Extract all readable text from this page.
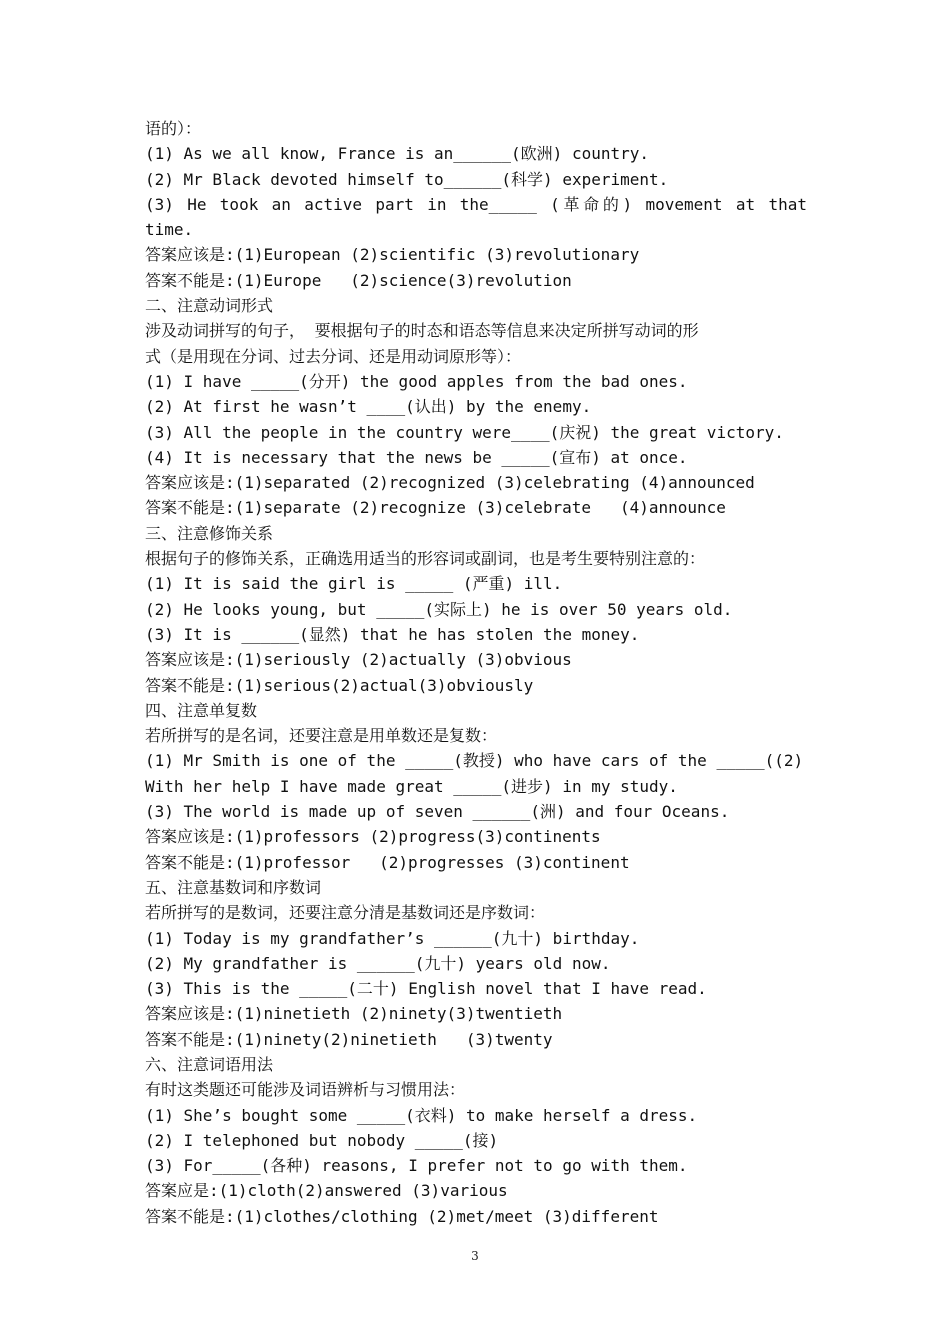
语的）：
(1) As we all know, France is an______(欧洲) country.
(2) Mr Black devoted himself to______(科学) experiment.
(3) He took an active part in the_____ (革命的) movement at that
time.
答案应该是:(1)European (2)scientific (3)revolutionary
答案不能是:(1)Europe   (2)science(3)revolution
二、注意动词形式
涉及动词拼写的句子， 要根据句子的时态和语态等信息来决定所拼写动词的形
式（是用现在分词、过去分词、还是用动词原形等）：
(1) I have _____(分开) the good apples from the bad ones.
(2) At first he wasn’t ____(认出) by the enemy.
(3) All the people in the country were____(庆祝) the great victory.
(4) It is necessary that the news be _____(宣布) at once.
答案应该是:(1)separated (2)recognized (3)celebrating (4)announced
答案不能是:(1)separate (2)recognize (3)celebrate   (4)announce
三、注意修饰关系
根据句子的修饰关系，正确选用适当的形容词或副词，也是考生要特别注意的：
(1) It is said the girl is _____ (严重) ill.
(2) He looks young, but _____(实际上) he is over 50 years old.
(3) It is ______(显然) that he has stolen the money.
答案应该是:(1)seriously (2)actually (3)obvious
答案不能是:(1)serious(2)actual(3)obviously
四、注意单复数
若所拼写的是名词，还要注意是用单数还是复数：
(1) Mr Smith is one of the _____(教授) who have cars of the _____((2)
With her help I have made great _____(进步) in my study.
(3) The world is made up of seven ______(洲) and four Oceans.
答案应该是:(1)professors (2)progress(3)continents
答案不能是:(1)professor   (2)progresses (3)continent
五、注意基数词和序数词
若所拼写的是数词，还要注意分清是基数词还是序数词：
(1) Today is my grandfather’s ______(九十) birthday.
(2) My grandfather is ______(九十) years old now.
(3) This is the _____(二十) English novel that I have read.
答案应该是:(1)ninetieth (2)ninety(3)twentieth
答案不能是:(1)ninety(2)ninetieth   (3)twenty
六、注意词语用法
有时这类题还可能涉及词语辨析与习惯用法：
(1) She’s bought some _____(衣料) to make herself a dress.
(2) I telephoned but nobody _____(接)
(3) For_____(各种) reasons, I prefer not to go with them.
答案应是:(1)cloth(2)answered (3)various
答案不能是:(1)clothes/clothing (2)met/meet (3)different
3
